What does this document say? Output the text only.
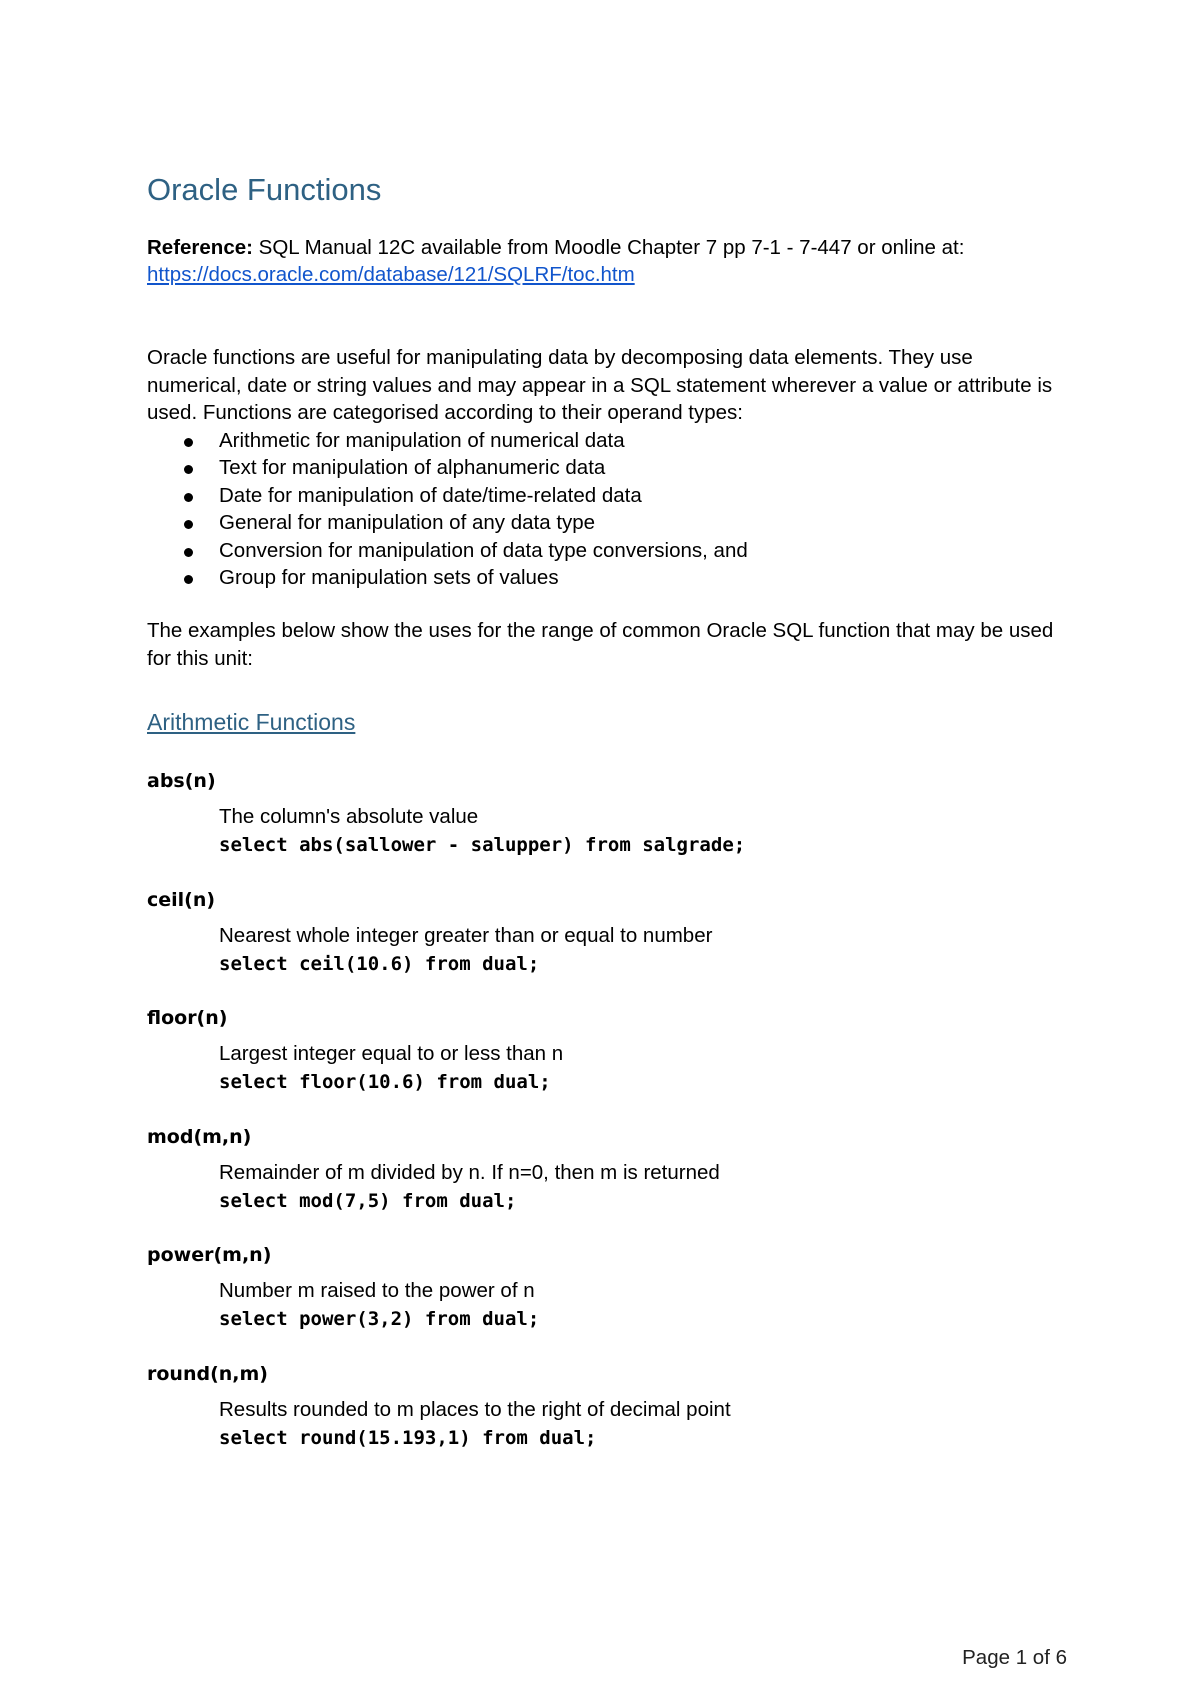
Oracle Functions
Reference: SQL Manual 12C available from Moodle Chapter 7 pp 7-1 - 7-447 or online at:
https://docs.oracle.com/database/121/SQLRF/toc.htm
Oracle functions are useful for manipulating data by decomposing data elements. They use numerical, date or string values and may appear in a SQL statement wherever a value or attribute is used. Functions are categorised according to their operand types:
Arithmetic for manipulation of numerical data
Text for manipulation of alphanumeric data
Date for manipulation of date/time-related data
General for manipulation of any data type
Conversion for manipulation of data type conversions, and
Group for manipulation sets of values
The examples below show the uses for the range of common Oracle SQL function that may be used for this unit:
Arithmetic Functions
abs(n)
The column's absolute value
select abs(sallower - salupper) from salgrade;
ceil(n)
Nearest whole integer greater than or equal to number
select ceil(10.6) from dual;
floor(n)
Largest integer equal to or less than n
select floor(10.6) from dual;
mod(m,n)
Remainder of m divided by n. If n=0, then m is returned
select mod(7,5) from dual;
power(m,n)
Number m raised to the power of n
select power(3,2) from dual;
round(n,m)
Results rounded to m places to the right of decimal point
select round(15.193,1) from dual;
Page 1 of 6
